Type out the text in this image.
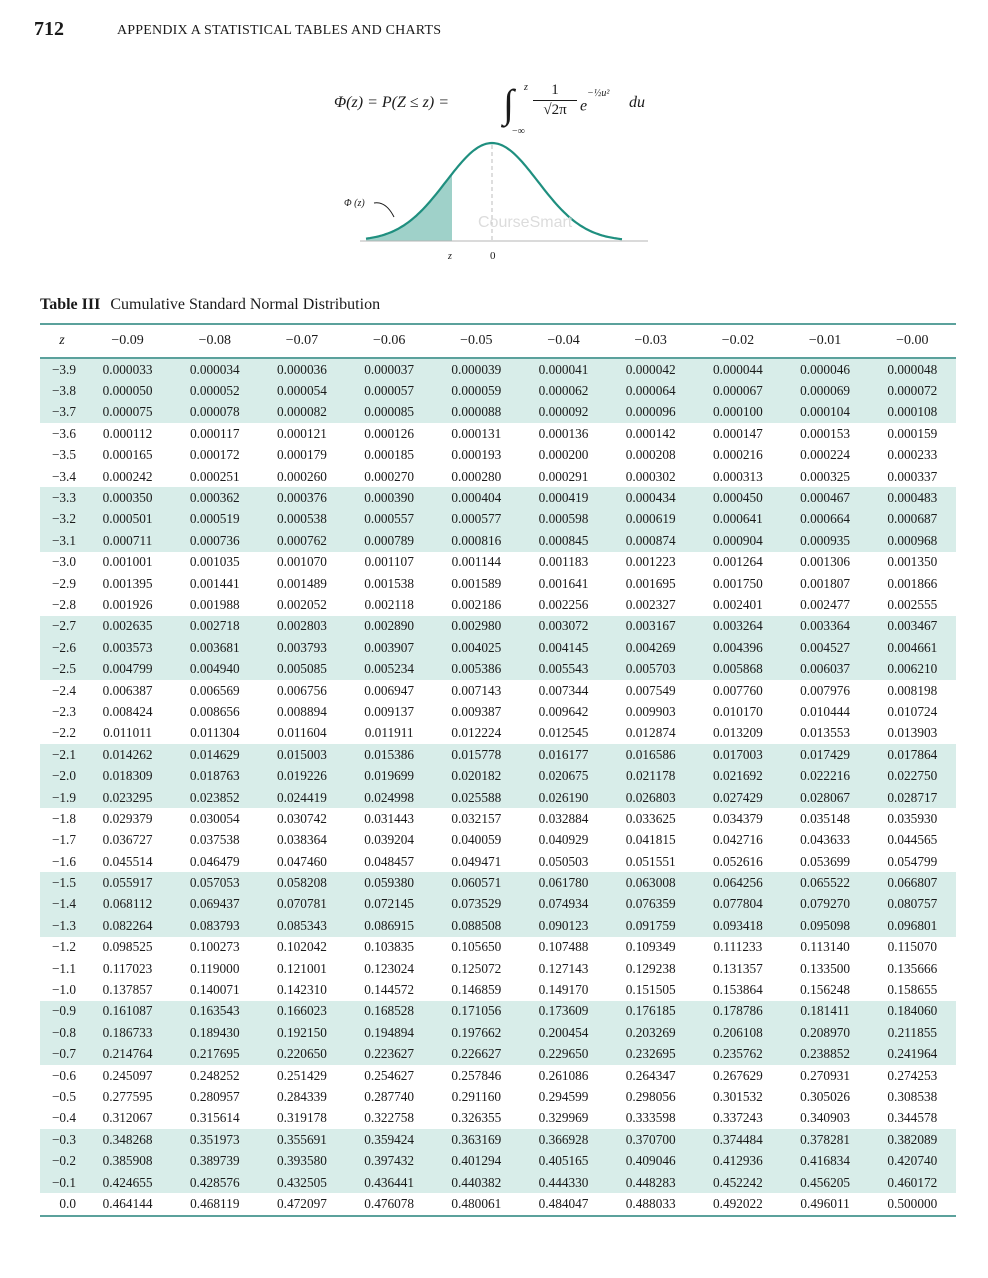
712	APPENDIX A STATISTICAL TABLES AND CHARTS
Φ(z) = P(Z ≤ z) = ∫ z
−∞
1
√2π $e^{-\frac{1}{2}u^2}$
du
Φ (z)
z	0
CourseSmart
Table III Cumulative Standard Normal Distribution
z	−0.09	−0.08	−0.07	−0.06	−0.05	−0.04	−0.03	−0.02	−0.01	−0.00
−3.9	0.000033	0.000034	0.000036	0.000037	0.000039	0.000041	0.000042	0.000044	0.000046	0.000048
−3.8	0.000050	0.000052	0.000054	0.000057	0.000059	0.000062	0.000064	0.000067	0.000069	0.000072
−3.7	0.000075	0.000078	0.000082	0.000085	0.000088	0.000092	0.000096	0.000100	0.000104	0.000108
−3.6	0.000112	0.000117	0.000121	0.000126	0.000131	0.000136	0.000142	0.000147	0.000153	0.000159
−3.5	0.000165	0.000172	0.000179	0.000185	0.000193	0.000200	0.000208	0.000216	0.000224	0.000233
−3.4	0.000242	0.000251	0.000260	0.000270	0.000280	0.000291	0.000302	0.000313	0.000325	0.000337
−3.3	0.000350	0.000362	0.000376	0.000390	0.000404	0.000419	0.000434	0.000450	0.000467	0.000483
−3.2	0.000501	0.000519	0.000538	0.000557	0.000577	0.000598	0.000619	0.000641	0.000664	0.000687
−3.1	0.000711	0.000736	0.000762	0.000789	0.000816	0.000845	0.000874	0.000904	0.000935	0.000968
−3.0	0.001001	0.001035	0.001070	0.001107	0.001144	0.001183	0.001223	0.001264	0.001306	0.001350
−2.9	0.001395	0.001441	0.001489	0.001538	0.001589	0.001641	0.001695	0.001750	0.001807	0.001866
−2.8	0.001926	0.001988	0.002052	0.002118	0.002186	0.002256	0.002327	0.002401	0.002477	0.002555
−2.7	0.002635	0.002718	0.002803	0.002890	0.002980	0.003072	0.003167	0.003264	0.003364	0.003467
−2.6	0.003573	0.003681	0.003793	0.003907	0.004025	0.004145	0.004269	0.004396	0.004527	0.004661
−2.5	0.004799	0.004940	0.005085	0.005234	0.005386	0.005543	0.005703	0.005868	0.006037	0.006210
−2.4	0.006387	0.006569	0.006756	0.006947	0.007143	0.007344	0.007549	0.007760	0.007976	0.008198
−2.3	0.008424	0.008656	0.008894	0.009137	0.009387	0.009642	0.009903	0.010170	0.010444	0.010724
−2.2	0.011011	0.011304	0.011604	0.011911	0.012224	0.012545	0.012874	0.013209	0.013553	0.013903
−2.1	0.014262	0.014629	0.015003	0.015386	0.015778	0.016177	0.016586	0.017003	0.017429	0.017864
−2.0	0.018309	0.018763	0.019226	0.019699	0.020182	0.020675	0.021178	0.021692	0.022216	0.022750
−1.9	0.023295	0.023852	0.024419	0.024998	0.025588	0.026190	0.026803	0.027429	0.028067	0.028717
−1.8	0.029379	0.030054	0.030742	0.031443	0.032157	0.032884	0.033625	0.034379	0.035148	0.035930
−1.7	0.036727	0.037538	0.038364	0.039204	0.040059	0.040929	0.041815	0.042716	0.043633	0.044565
−1.6	0.045514	0.046479	0.047460	0.048457	0.049471	0.050503	0.051551	0.052616	0.053699	0.054799
−1.5	0.055917	0.057053	0.058208	0.059380	0.060571	0.061780	0.063008	0.064256	0.065522	0.066807
−1.4	0.068112	0.069437	0.070781	0.072145	0.073529	0.074934	0.076359	0.077804	0.079270	0.080757
−1.3	0.082264	0.083793	0.085343	0.086915	0.088508	0.090123	0.091759	0.093418	0.095098	0.096801
−1.2	0.098525	0.100273	0.102042	0.103835	0.105650	0.107488	0.109349	0.111233	0.113140	0.115070
−1.1	0.117023	0.119000	0.121001	0.123024	0.125072	0.127143	0.129238	0.131357	0.133500	0.135666
−1.0	0.137857	0.140071	0.142310	0.144572	0.146859	0.149170	0.151505	0.153864	0.156248	0.158655
−0.9	0.161087	0.163543	0.166023	0.168528	0.171056	0.173609	0.176185	0.178786	0.181411	0.184060
−0.8	0.186733	0.189430	0.192150	0.194894	0.197662	0.200454	0.203269	0.206108	0.208970	0.211855
−0.7	0.214764	0.217695	0.220650	0.223627	0.226627	0.229650	0.232695	0.235762	0.238852	0.241964
−0.6	0.245097	0.248252	0.251429	0.254627	0.257846	0.261086	0.264347	0.267629	0.270931	0.274253
−0.5	0.277595	0.280957	0.284339	0.287740	0.291160	0.294599	0.298056	0.301532	0.305026	0.308538
−0.4	0.312067	0.315614	0.319178	0.322758	0.326355	0.329969	0.333598	0.337243	0.340903	0.344578
−0.3	0.348268	0.351973	0.355691	0.359424	0.363169	0.366928	0.370700	0.374484	0.378281	0.382089
−0.2	0.385908	0.389739	0.393580	0.397432	0.401294	0.405165	0.409046	0.412936	0.416834	0.420740
−0.1	0.424655	0.428576	0.432505	0.436441	0.440382	0.444330	0.448283	0.452242	0.456205	0.460172
0.0	0.464144	0.468119	0.472097	0.476078	0.480061	0.484047	0.488033	0.492022	0.496011	0.500000
